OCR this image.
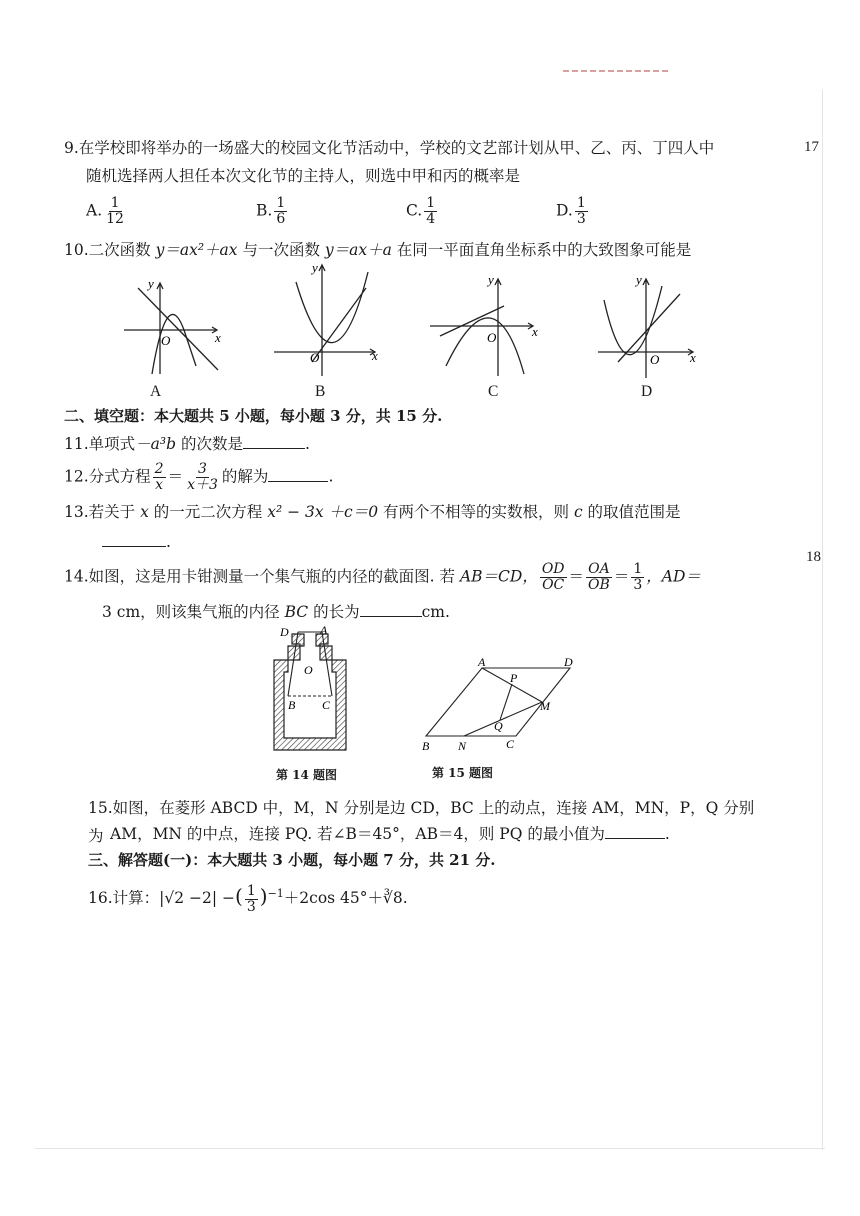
17
18
9.在学校即将举办的一场盛大的校园文化节活动中，学校的文艺部计划从甲、乙、丙、丁四人中
随机选择两人担任本次文化节的主持人，则选中甲和丙的概率是
A. $\frac{1}{12}$	B. $\frac{1}{6}$	C. $\frac{1}{4}$	D. $\frac{1}{3}$
10.二次函数 y＝ax²＋ax 与一次函数 y＝ax＋a 在同一平面直角坐标系中的大致图象可能是
x
y
O
A
x
y
O
B
x
y
O
C
x
y
O
D
二、填空题：本大题共 5 小题，每小题 3 分，共 15 分.
11.单项式－a³b 的次数是	.
12.分式方程 $\frac{2}{x} = \frac{3}{x+3}$ 的解为	.
13.若关于 x 的一元二次方程 x² − 3x ＋c＝0 有两个不相等的实数根，则 c 的取值范围是
.
14.如图，这是用卡钳测量一个集气瓶的内径的截面图. 若 AB＝CD， $\frac{OD}{OC} = \frac{OA}{OB} = \frac{1}{3}$ ，AD＝
3 cm，则该集气瓶的内径 BC 的长为	cm.
D	A
O
B C
第 14 题图
A	D
P
M
Q
B N	C
第 15 题图
15.如图，在菱形 ABCD 中，M，N 分别是边 CD，BC 上的动点，连接 AM，MN，P，Q 分别为 AM，MN 的中点，连接 PQ. 若∠B＝45°，AB＝4，则 PQ 的最小值为	.
三、解答题(一)：本大题共 3 小题，每小题 7 分，共 21 分.
16.计算：|√2 −2| −( $\frac{1}{3} )^{-1}+2\cos$ 45°＋∛8.
